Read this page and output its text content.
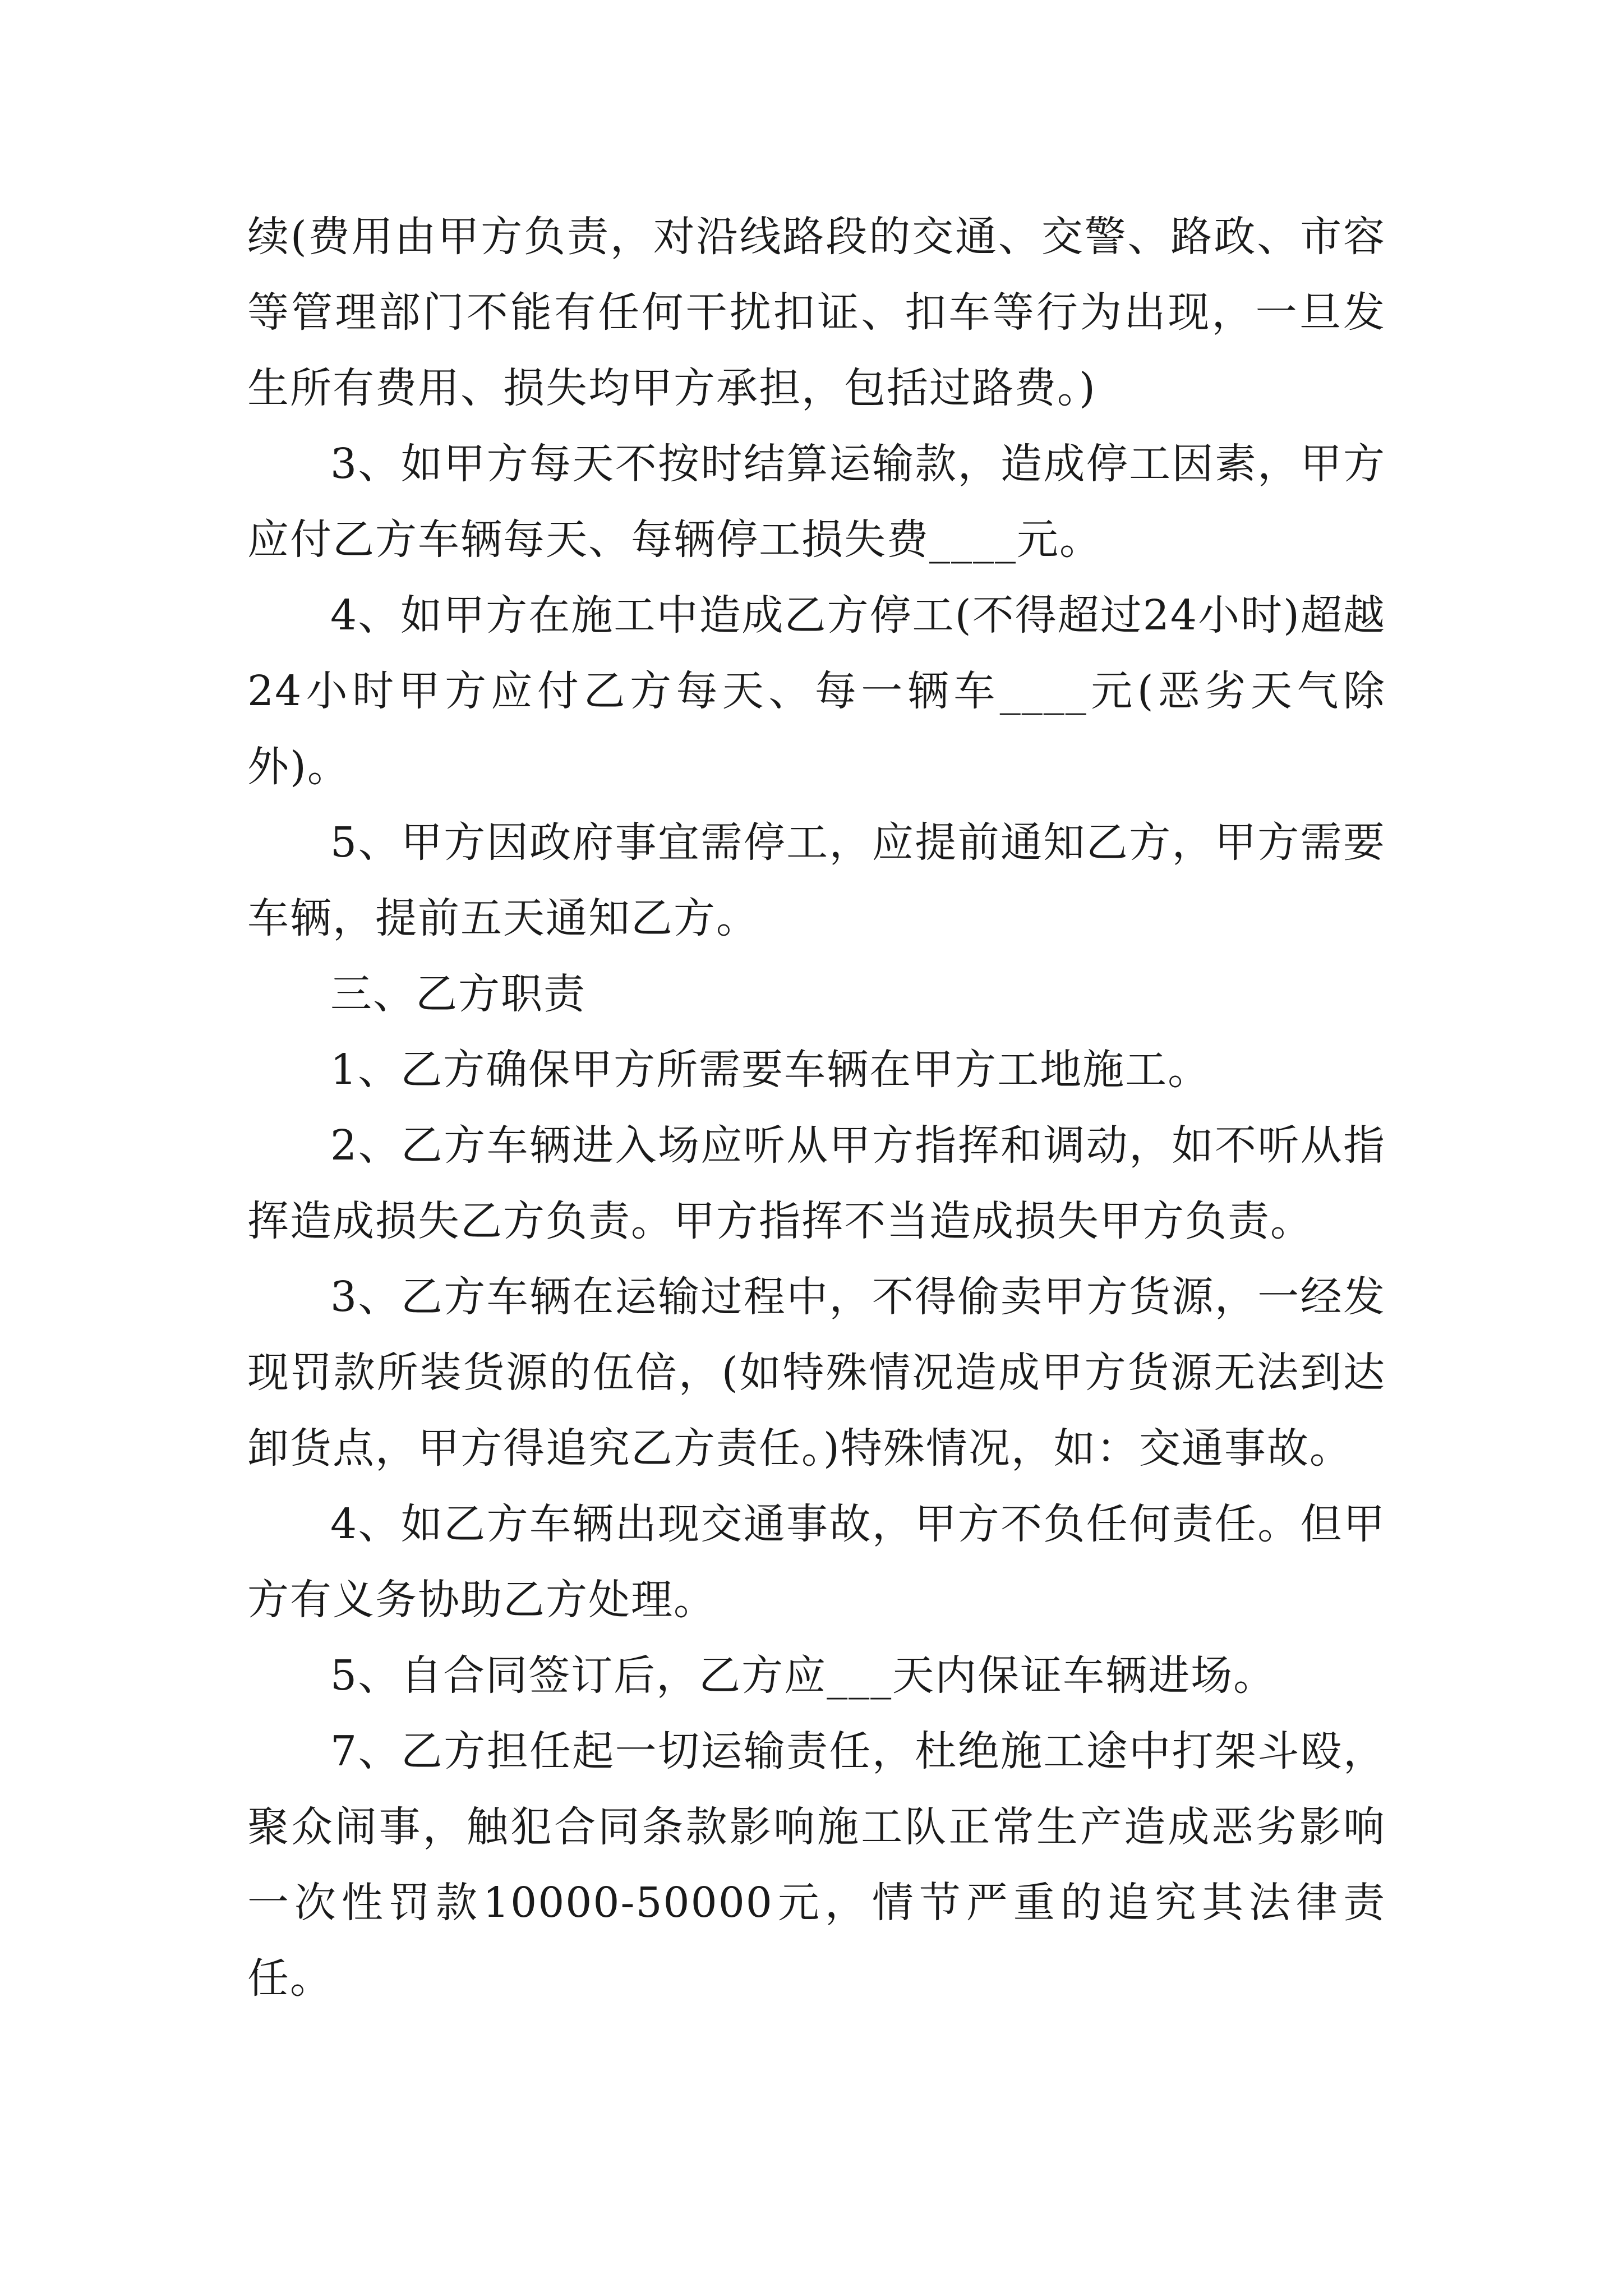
续(费用由甲方负责，对沿线路段的交通、交警、路政、市容等管理部门不能有任何干扰扣证、扣车等行为出现，一旦发生所有费用、损失均甲方承担，包括过路费。)

3、如甲方每天不按时结算运输款，造成停工因素，甲方应付乙方车辆每天、每辆停工损失费____元。

4、如甲方在施工中造成乙方停工(不得超过24小时)超越24小时甲方应付乙方每天、每一辆车____元(恶劣天气除外)。

5、甲方因政府事宜需停工，应提前通知乙方，甲方需要车辆，提前五天通知乙方。

三、乙方职责

1、乙方确保甲方所需要车辆在甲方工地施工。

2、乙方车辆进入场应听从甲方指挥和调动，如不听从指挥造成损失乙方负责。甲方指挥不当造成损失甲方负责。

3、乙方车辆在运输过程中，不得偷卖甲方货源，一经发现罚款所装货源的伍倍，(如特殊情况造成甲方货源无法到达卸货点，甲方得追究乙方责任。)特殊情况，如：交通事故。

4、如乙方车辆出现交通事故，甲方不负任何责任。但甲方有义务协助乙方处理。

5、自合同签订后，乙方应___天内保证车辆进场。

7、乙方担任起一切运输责任，杜绝施工途中打架斗殴，聚众闹事，触犯合同条款影响施工队正常生产造成恶劣影响一次性罚款10000-50000元，情节严重的追究其法律责任。
